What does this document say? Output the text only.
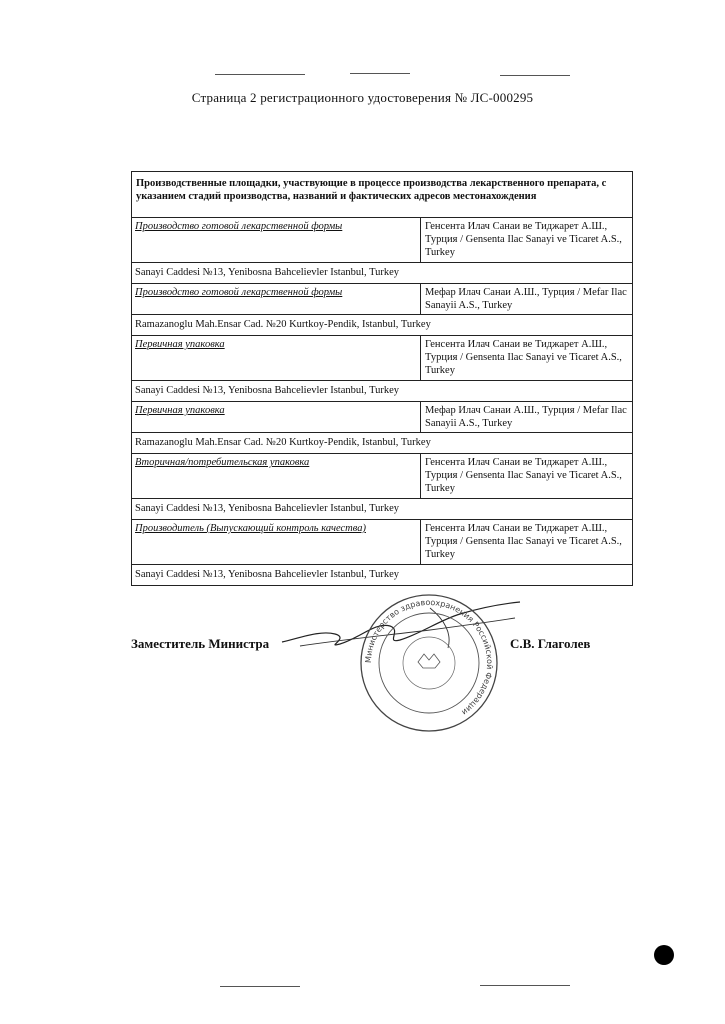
Страница 2 регистрационного удостоверения № ЛС-000295
Производственные площадки, участвующие в процессе производства лекарственного препарата, с указанием стадий производства, названий и фактических адресов местонахождения
Производство готовой лекарственной формы	Генсента Илач Санаи ве Тиджарет А.Ш., Турция / Gensenta Ilac Sanayi ve Ticaret A.S., Turkey
Sanayi Caddesi №13, Yenibosna Bahcelievler Istanbul, Turkey
Производство готовой лекарственной формы	Мефар Илач Санаи А.Ш., Турция / Mefar Ilac Sanayii A.S., Turkey
Ramazanoglu Mah.Ensar Cad. №20 Kurtkoy-Pendik, Istanbul, Turkey
Первичная упаковка	Генсента Илач Санаи ве Тиджарет А.Ш., Турция / Gensenta Ilac Sanayi ve Ticaret A.S., Turkey
Sanayi Caddesi №13, Yenibosna Bahcelievler Istanbul, Turkey
Первичная упаковка	Мефар Илач Санаи А.Ш., Турция / Mefar Ilac Sanayii A.S., Turkey
Ramazanoglu Mah.Ensar Cad. №20 Kurtkoy-Pendik, Istanbul, Turkey
Вторичная/потребительская упаковка	Генсента Илач Санаи ве Тиджарет А.Ш., Турция / Gensenta Ilac Sanayi ve Ticaret A.S., Turkey
Sanayi Caddesi №13, Yenibosna Bahcelievler Istanbul, Turkey
Производитель (Выпускающий контроль качества)	Генсента Илач Санаи ве Тиджарет А.Ш., Турция / Gensenta Ilac Sanayi ve Ticaret A.S., Turkey
Sanayi Caddesi №13, Yenibosna Bahcelievler Istanbul, Turkey
Заместитель Министра	С.В. Глаголев
Министерство здравоохранения Российской Федерации
